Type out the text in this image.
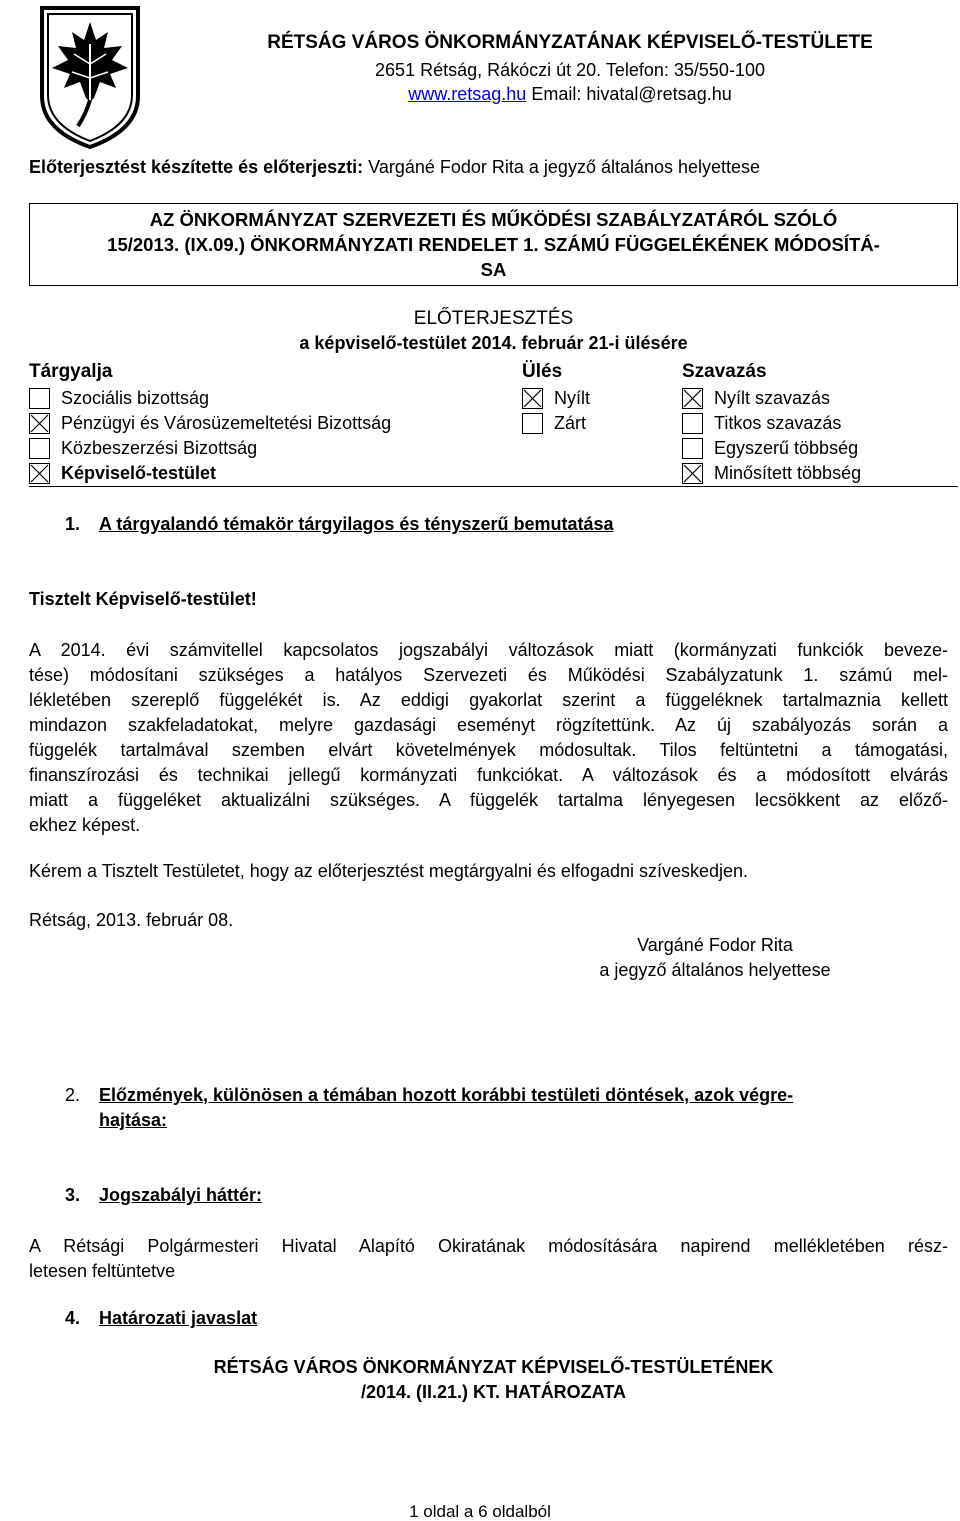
RÉTSÁG VÁROS ÖNKORMÁNYZATÁNAK KÉPVISELŐ-TESTÜLETE
2651 Rétság, Rákóczi út 20. Telefon: 35/550-100
www.retsag.hu Email: hivatal@retsag.hu
Előterjesztést készítette és előterjeszti: Vargáné Fodor Rita a jegyző általános helyettese
AZ ÖNKORMÁNYZAT SZERVEZETI ÉS MŰKÖDÉSI SZABÁLYZATÁRÓL SZÓLÓ
15/2013. (IX.09.) ÖNKORMÁNYZATI RENDELET 1. SZÁMÚ FÜGGELÉKÉNEK MÓDOSÍTÁ-
SA
ELŐTERJESZTÉS
a képviselő-testület 2014. február 21-i ülésére
Tárgyalja	Ülés	Szavazás
Szociális bizottság
Pénzügyi és Városüzemeltetési Bizottság
Közbeszerzési Bizottság
Képviselő-testület
Nyílt
Zárt
Nyílt szavazás
Titkos szavazás
Egyszerű többség
Minősített többség
1. A tárgyalandó témakör tárgyilagos és tényszerű bemutatása
Tisztelt Képviselő-testület!
A 2014. évi számvitellel kapcsolatos jogszabályi változások miatt (kormányzati funkciók beveze-
tése) módosítani szükséges a hatályos Szervezeti és Működési Szabályzatunk 1. számú mel-
lékletében szereplő függelékét is. Az eddigi gyakorlat szerint a függeléknek tartalmaznia kellett
mindazon szakfeladatokat, melyre gazdasági eseményt rögzítettünk. Az új szabályozás során a
függelék tartalmával szemben elvárt követelmények módosultak. Tilos feltüntetni a támogatási,
finanszírozási és technikai jellegű kormányzati funkciókat. A változások és a módosított elvárás
miatt a függeléket aktualizálni szükséges. A függelék tartalma lényegesen lecsökkent az előző-
ekhez képest.
Kérem a Tisztelt Testületet, hogy az előterjesztést megtárgyalni és elfogadni szíveskedjen.
Rétság, 2013. február 08.
Vargáné Fodor Rita
a jegyző általános helyettese
2. Előzmények, különösen a témában hozott korábbi testületi döntések, azok végre-
hajtása:
3. Jogszabályi háttér:
A Rétsági Polgármesteri Hivatal Alapító Okiratának módosítására napirend mellékletében rész-
letesen feltüntetve
4. Határozati javaslat
RÉTSÁG VÁROS ÖNKORMÁNYZAT KÉPVISELŐ-TESTÜLETÉNEK
/2014. (II.21.) KT. HATÁROZATA
1 oldal a 6 oldalból
